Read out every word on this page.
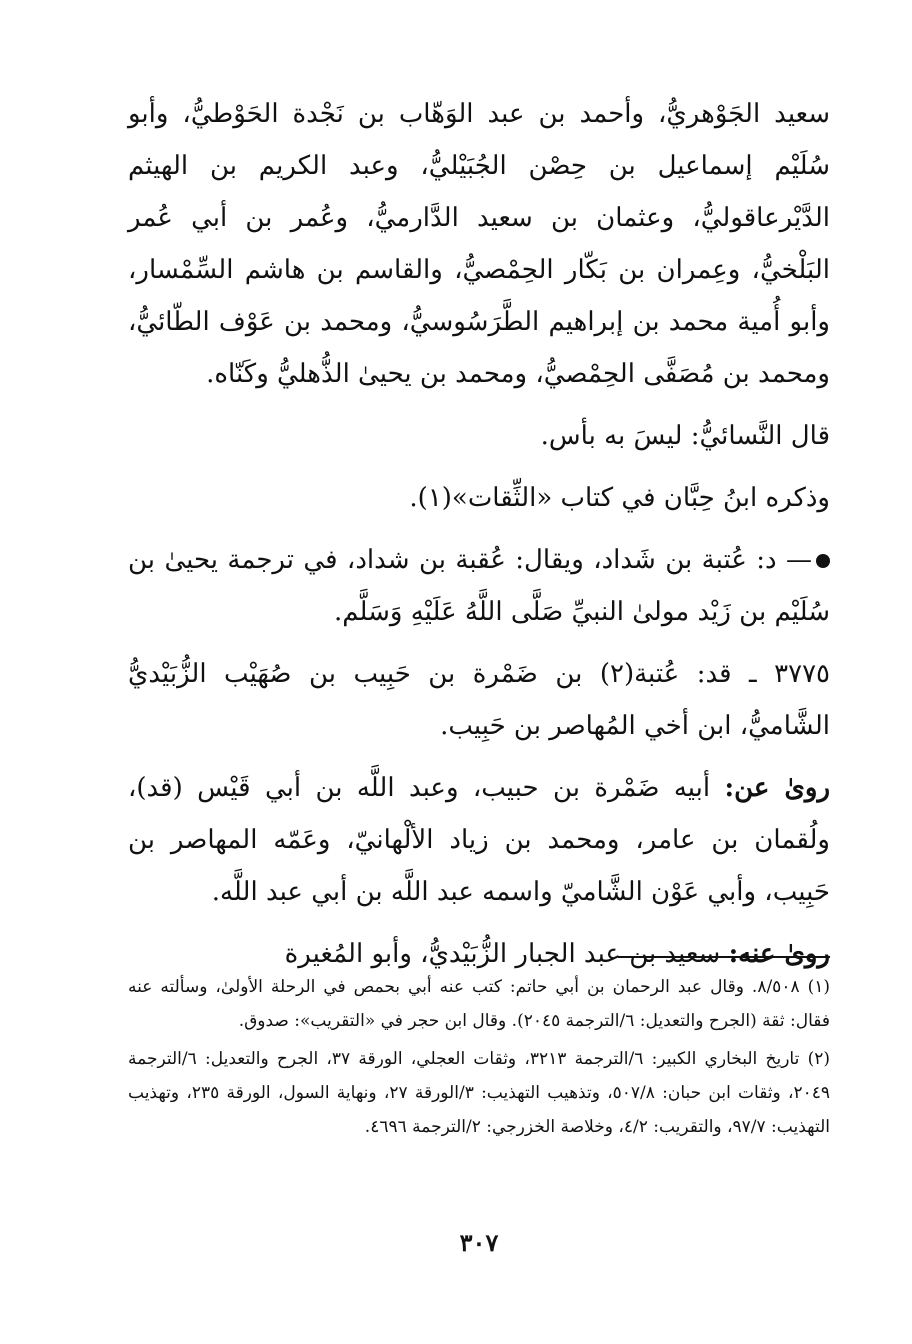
سعيد الجَوْهريُّ، وأحمد بن عبد الوَهّاب بن نَجْدة الحَوْطيُّ، وأبو سُلَيْم إسماعيل بن حِصْن الجُبَيْليُّ، وعبد الكريم بن الهيثم الدَّيْرعاقوليُّ، وعثمان بن سعيد الدَّارميُّ، وعُمر بن أبي عُمر البَلْخيُّ، وعِمران بن بَكّار الحِمْصيُّ، والقاسم بن هاشم السِّمْسار، وأبو أُمية محمد بن إبراهيم الطَّرَسُوسيُّ، ومحمد بن عَوْف الطّائيُّ، ومحمد بن مُصَفَّى الحِمْصيُّ، ومحمد بن يحيىٰ الذُّهليُّ وكَنّاه.

قال النَّسائيُّ: ليسَ به بأس.

وذكره ابنُ حِبَّان في كتاب «الثِّقات»(١).

— د: عُتبة بن شَداد، ويقال: عُقبة بن شداد، في ترجمة يحيىٰ بن سُلَيْم بن زَيْد مولىٰ النبيِّ صَلَّى اللَّهُ عَلَيْهِ وَسَلَّم.

٣٧٧٥ ـ قد: عُتبة(٢) بن ضَمْرة بن حَبِيب بن صُهَيْب الزُّبَيْديُّ الشَّاميُّ، ابن أخي المُهاصر بن حَبِيب.

روىٰ عن: أبيه ضَمْرة بن حبيب، وعبد اللَّه بن أبي قَيْس (قد)، ولُقمان بن عامر، ومحمد بن زياد الألْهانيّ، وعَمّه المهاصر بن حَبِيب، وأبي عَوْن الشَّاميّ واسمه عبد اللَّه بن أبي عبد اللَّه.

روىٰ عنه: سعيد بن عبد الجبار الزُّبَيْديُّ، وأبو المُغيرة

(١) ٨/٥٠٨. وقال عبد الرحمان بن أبي حاتم: كتب عنه أبي بحمص في الرحلة الأولىٰ، وسألته عنه فقال: ثقة (الجرح والتعديل: ٦/الترجمة ٢٠٤٥). وقال ابن حجر في «التقريب»: صدوق.

(٢) تاريخ البخاري الكبير: ٦/الترجمة ٣٢١٣، وثقات العجلي، الورقة ٣٧، الجرح والتعديل: ٦/الترجمة ٢٠٤٩، وثقات ابن حبان: ٥٠٧/٨، وتذهيب التهذيب: ٣/الورقة ٢٧، ونهاية السول، الورقة ٢٣٥، وتهذيب التهذيب: ٩٧/٧، والتقريب: ٤/٢، وخلاصة الخزرجي: ٢/الترجمة ٤٦٩٦.

٣٠٧
